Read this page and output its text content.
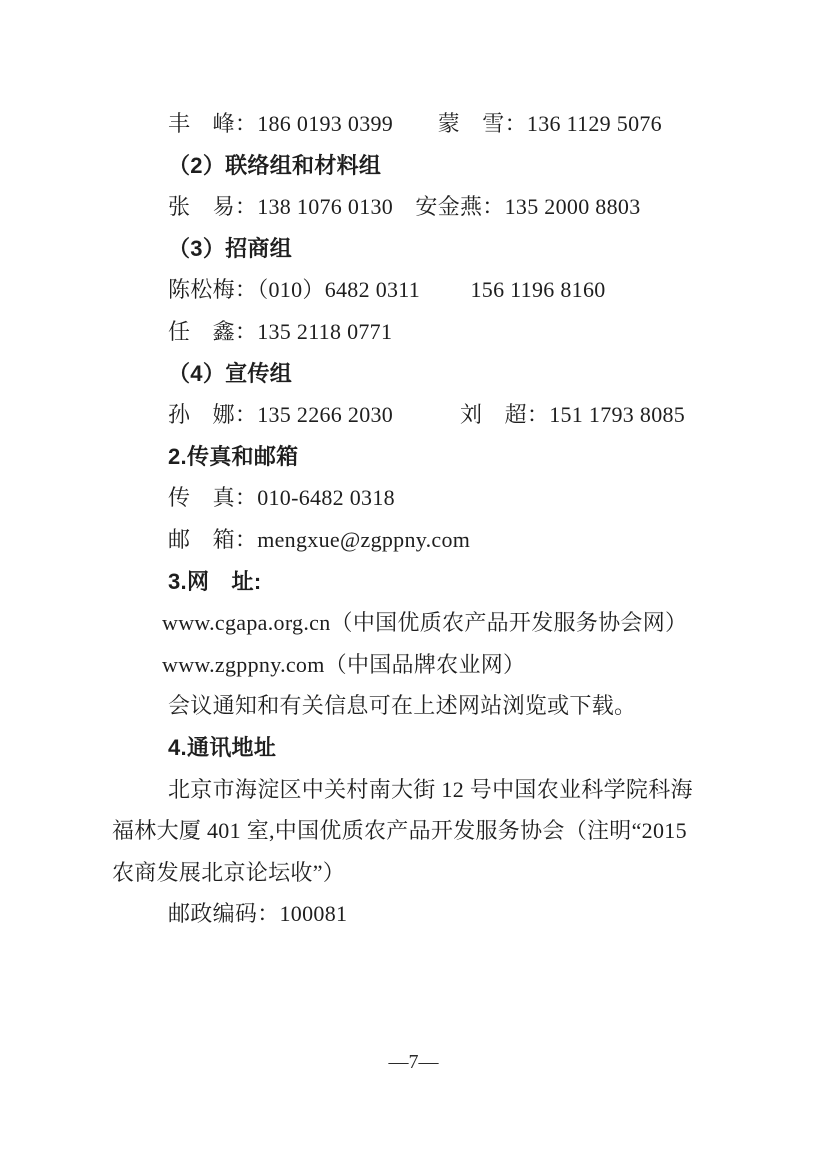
丰　峰：186 0193 0399　　蒙　雪：136 1129 5076
（2）联络组和材料组
张　易：138 1076 0130　安金燕：135 2000 8803
（3）招商组
陈松梅：（010）6482 0311　　 156 1196 8160
任　鑫：135 2118 0771
（4）宣传组
孙　娜：135 2266 2030　　　刘　超：151 1793 8085
2.传真和邮箱
传　真：010-6482 0318
邮　箱：mengxue@zgppny.com
3.网　址:
www.cgapa.org.cn（中国优质农产品开发服务协会网）
www.zgppny.com（中国品牌农业网）
会议通知和有关信息可在上述网站浏览或下载。
4.通讯地址
北京市海淀区中关村南大街 12 号中国农业科学院科海
福林大厦 401 室,中国优质农产品开发服务协会（注明“2015
农商发展北京论坛收”）
邮政编码：100081
—7—
